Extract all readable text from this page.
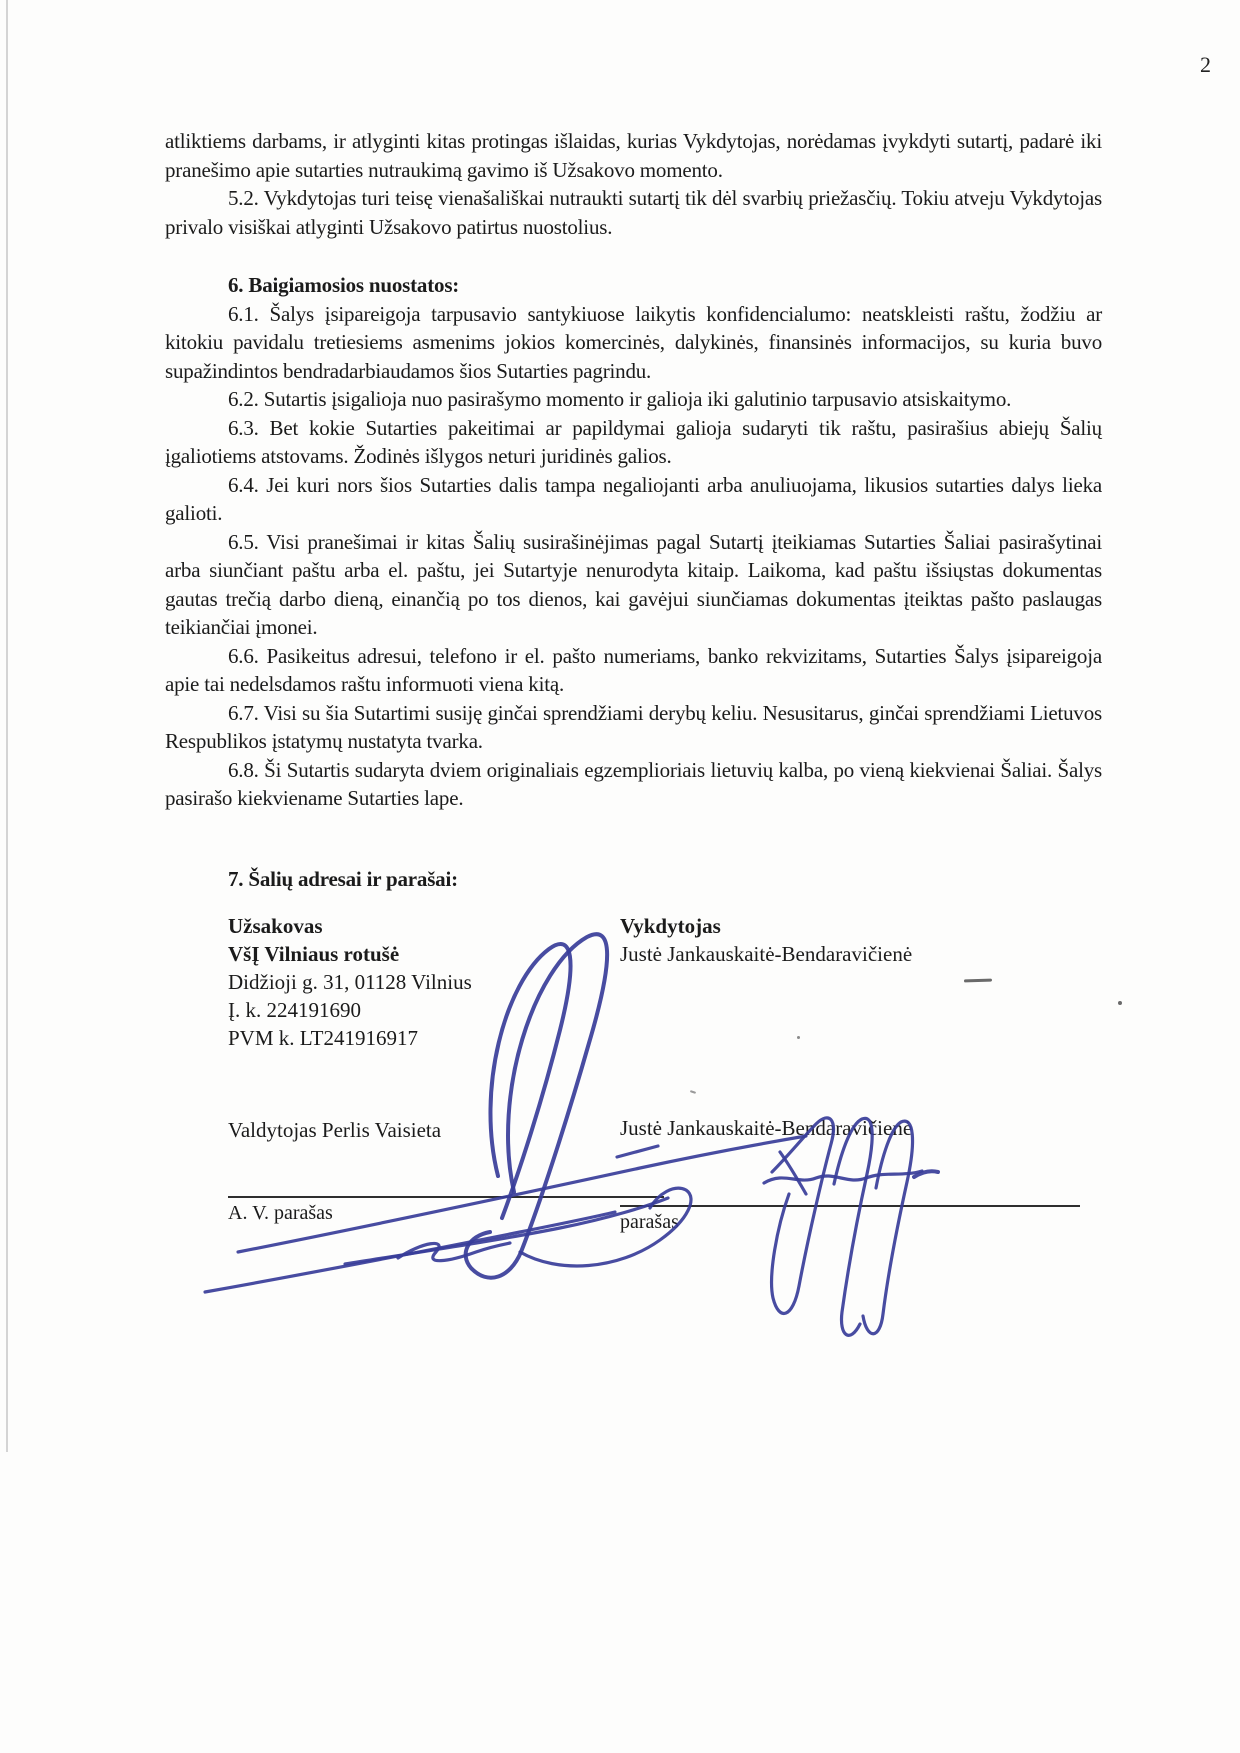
2

atliktiems darbams, ir atlyginti kitas protingas išlaidas, kurias Vykdytojas, norėdamas įvykdyti sutartį, padarė iki pranešimo apie sutarties nutraukimą gavimo iš Užsakovo momento.

5.2. Vykdytojas turi teisę vienašališkai nutraukti sutartį tik dėl svarbių priežasčių. Tokiu atveju Vykdytojas privalo visiškai atlyginti Užsakovo patirtus nuostolius.

6. Baigiamosios nuostatos:

6.1. Šalys įsipareigoja tarpusavio santykiuose laikytis konfidencialumo: neatskleisti raštu, žodžiu ar kitokiu pavidalu tretiesiems asmenims jokios komercinės, dalykinės, finansinės informacijos, su kuria buvo supažindintos bendradarbiaudamos šios Sutarties pagrindu.

6.2. Sutartis įsigalioja nuo pasirašymo momento ir galioja iki galutinio tarpusavio atsiskaitymo.

6.3. Bet kokie Sutarties pakeitimai ar papildymai galioja sudaryti tik raštu, pasirašius abiejų Šalių įgaliotiems atstovams. Žodinės išlygos neturi juridinės galios.

6.4. Jei kuri nors šios Sutarties dalis tampa negaliojanti arba anuliuojama, likusios sutarties dalys lieka galioti.

6.5. Visi pranešimai ir kitas Šalių susirašinėjimas pagal Sutartį įteikiamas Sutarties Šaliai pasirašytinai arba siunčiant paštu arba el. paštu, jei Sutartyje nenurodyta kitaip. Laikoma, kad paštu išsiųstas dokumentas gautas trečią darbo dieną, einančią po tos dienos, kai gavėjui siunčiamas dokumentas įteiktas pašto paslaugas teikiančiai įmonei.

6.6. Pasikeitus adresui, telefono ir el. pašto numeriams, banko rekvizitams, Sutarties Šalys įsipareigoja apie tai nedelsdamos raštu informuoti viena kitą.

6.7. Visi su šia Sutartimi susiję ginčai sprendžiami derybų keliu. Nesusitarus, ginčai sprendžiami Lietuvos Respublikos įstatymų nustatyta tvarka.

6.8. Ši Sutartis sudaryta dviem originaliais egzemplioriais lietuvių kalba, po vieną kiekvienai Šaliai. Šalys pasirašo kiekviename Sutarties lape.

7. Šalių adresai ir parašai:

Užsakovas
VšĮ Vilniaus rotušė
Didžioji g. 31, 01128 Vilnius
Į. k. 224191690
PVM k. LT241916917
Vykdytojas
Justė Jankauskaitė-Bendaravičienė
Valdytojas Perlis Vaisieta	Justė Jankauskaitė-Bendaravičienė
A. V. parašas	parašas
